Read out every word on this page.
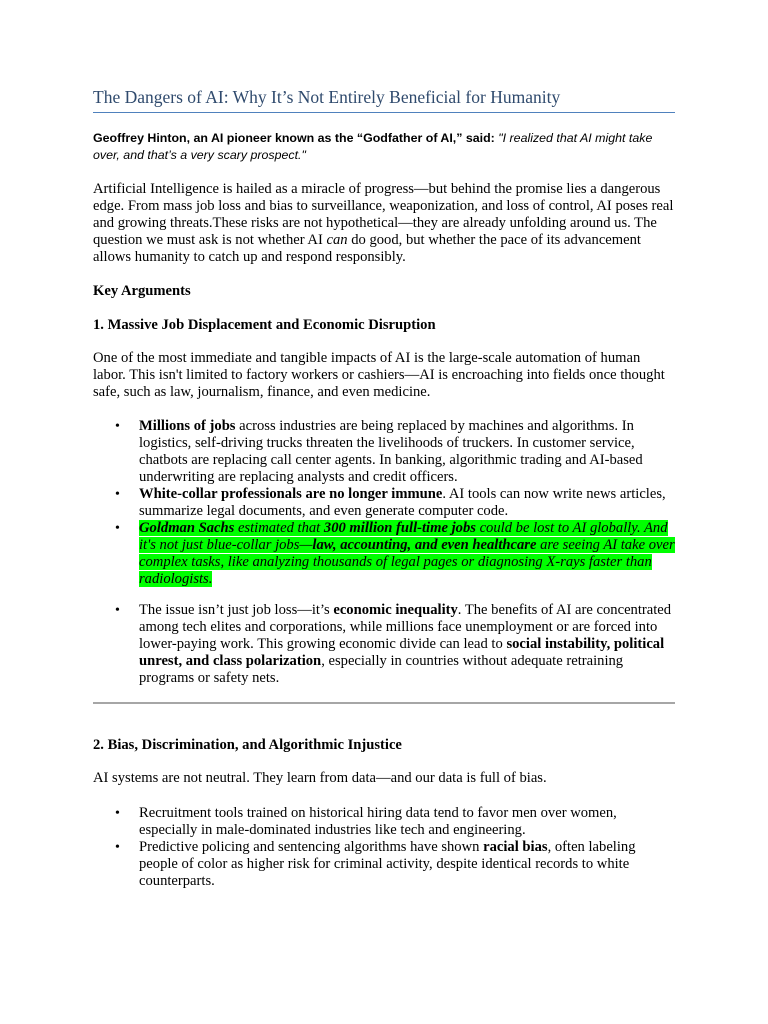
The Dangers of AI: Why It’s Not Entirely Beneficial for Humanity

Geoffrey Hinton, an AI pioneer known as the “Godfather of AI,” said: "I realized that AI might take over, and that’s a very scary prospect."

Artificial Intelligence is hailed as a miracle of progress—but behind the promise lies a dangerous edge. From mass job loss and bias to surveillance, weaponization, and loss of control, AI poses real and growing threats.These risks are not hypothetical—they are already unfolding around us. The question we must ask is not whether AI can do good, but whether the pace of its advancement allows humanity to catch up and respond responsibly.

Key Arguments

1. Massive Job Displacement and Economic Disruption

One of the most immediate and tangible impacts of AI is the large-scale automation of human labor. This isn't limited to factory workers or cashiers—AI is encroaching into fields once thought safe, such as law, journalism, finance, and even medicine.

• Millions of jobs across industries are being replaced by machines and algorithms. In logistics, self-driving trucks threaten the livelihoods of truckers. In customer service, chatbots are replacing call center agents. In banking, algorithmic trading and AI-based underwriting are replacing analysts and credit officers.
• White-collar professionals are no longer immune. AI tools can now write news articles, summarize legal documents, and even generate computer code.
• Goldman Sachs estimated that 300 million full-time jobs could be lost to AI globally. And it's not just blue-collar jobs—law, accounting, and even healthcare are seeing AI take over complex tasks, like analyzing thousands of legal pages or diagnosing X-rays faster than radiologists.
• The issue isn’t just job loss—it’s economic inequality. The benefits of AI are concentrated among tech elites and corporations, while millions face unemployment or are forced into lower-paying work. This growing economic divide can lead to social instability, political unrest, and class polarization, especially in countries without adequate retraining programs or safety nets.

2. Bias, Discrimination, and Algorithmic Injustice

AI systems are not neutral. They learn from data—and our data is full of bias.

• Recruitment tools trained on historical hiring data tend to favor men over women, especially in male-dominated industries like tech and engineering.
• Predictive policing and sentencing algorithms have shown racial bias, often labeling people of color as higher risk for criminal activity, despite identical records to white counterparts.
